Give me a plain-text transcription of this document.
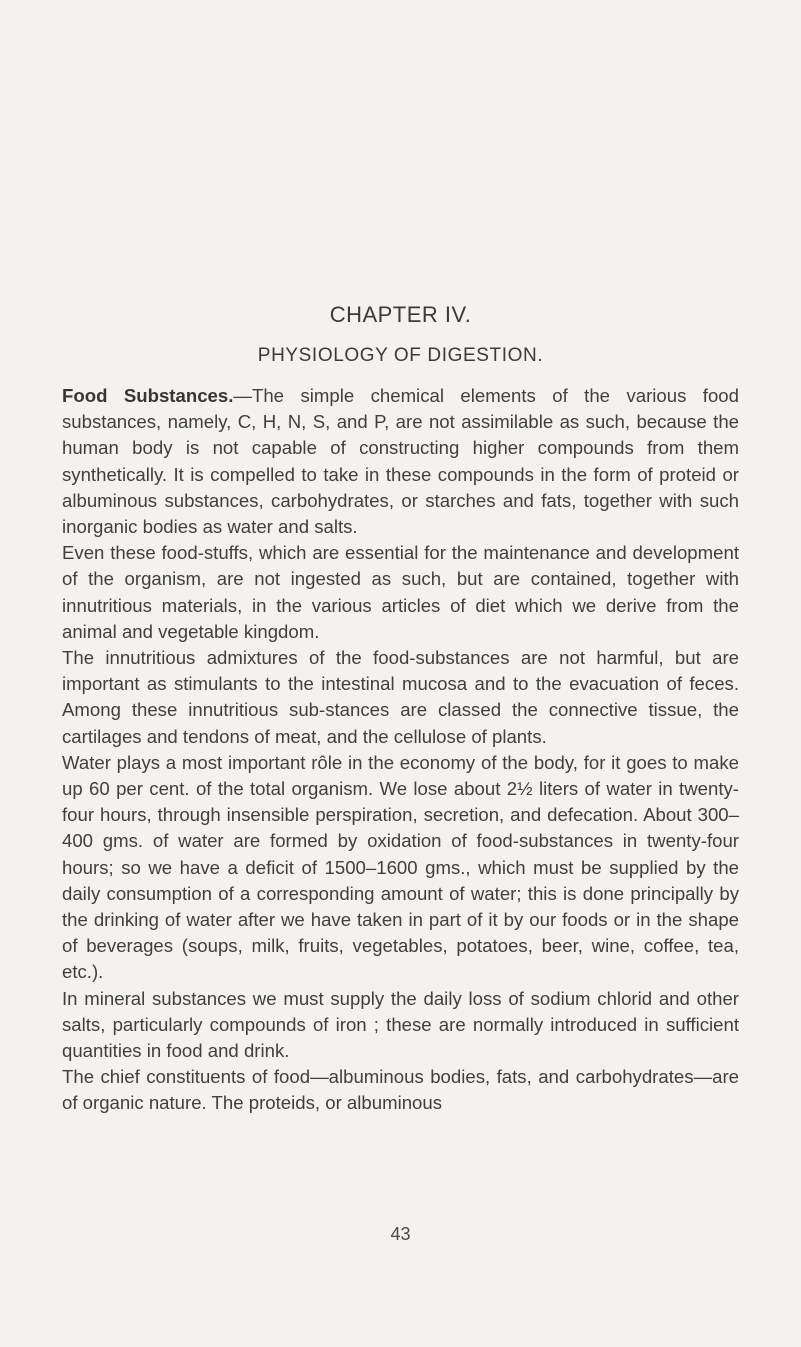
CHAPTER IV.
PHYSIOLOGY OF DIGESTION.

Food Substances.—The simple chemical elements of the various food substances, namely, C, H, N, S, and P, are not assimilable as such, because the human body is not capable of constructing higher compounds from them synthetically. It is compelled to take in these compounds in the form of proteid or albuminous substances, carbohydrates, or starches and fats, together with such inorganic bodies as water and salts.

Even these food-stuffs, which are essential for the maintenance and development of the organism, are not ingested as such, but are contained, together with innutritious materials, in the various articles of diet which we derive from the animal and vegetable kingdom.

The innutritious admixtures of the food-substances are not harmful, but are important as stimulants to the intestinal mucosa and to the evacuation of feces. Among these innutritious sub-stances are classed the connective tissue, the cartilages and tendons of meat, and the cellulose of plants.

Water plays a most important rôle in the economy of the body, for it goes to make up 60 per cent. of the total organism. We lose about 2½ liters of water in twenty-four hours, through insensible perspiration, secretion, and defecation. About 300–400 gms. of water are formed by oxidation of food-substances in twenty-four hours; so we have a deficit of 1500–1600 gms., which must be supplied by the daily consumption of a corresponding amount of water; this is done principally by the drinking of water after we have taken in part of it by our foods or in the shape of beverages (soups, milk, fruits, vegetables, potatoes, beer, wine, coffee, tea, etc.).

In mineral substances we must supply the daily loss of sodium chlorid and other salts, particularly compounds of iron ; these are normally introduced in sufficient quantities in food and drink.

The chief constituents of food—albuminous bodies, fats, and carbohydrates—are of organic nature. The proteids, or albuminous

43
